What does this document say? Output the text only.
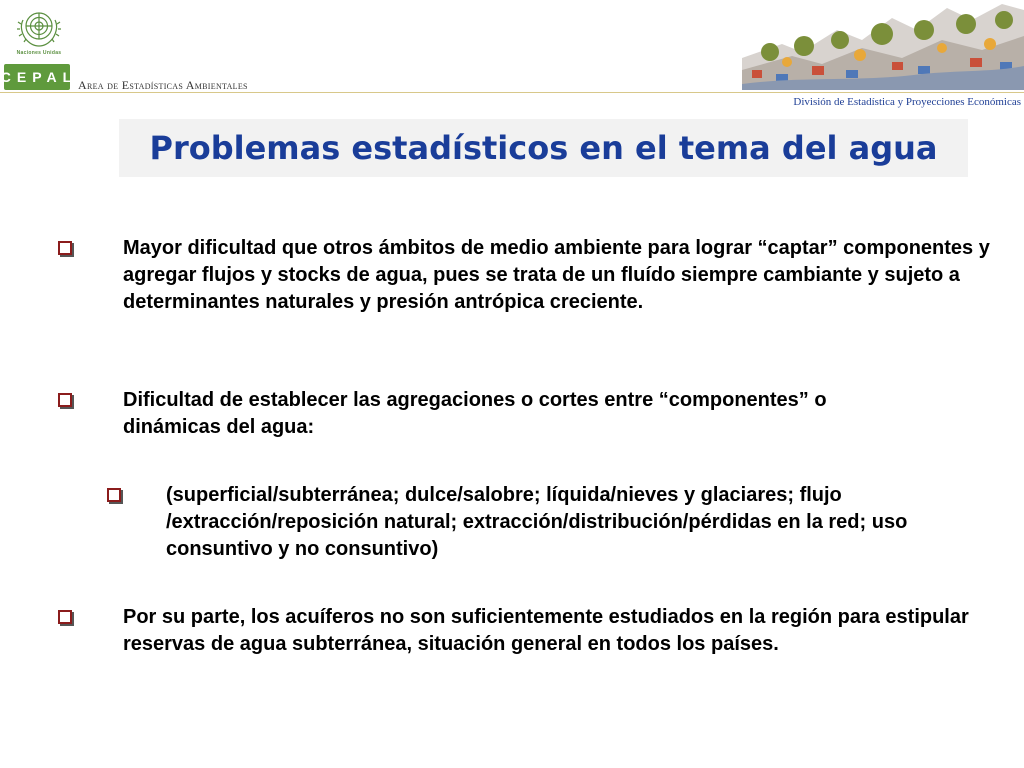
Naciones Unidas
CEPAL Area de Estadísticas Ambientales
División de Estadística y Proyecciones Económicas
Problemas estadísticos en el tema del agua
Mayor dificultad que otros ámbitos de medio ambiente para lograr “captar” componentes y agregar flujos y stocks de agua, pues se trata de un fluído siempre cambiante y sujeto a determinantes naturales y presión antrópica creciente.
Dificultad de establecer las agregaciones o cortes entre “componentes” o dinámicas del agua:
(superficial/subterránea; dulce/salobre; líquida/nieves y glaciares; flujo /extracción/reposición natural; extracción/distribución/pérdidas en la red; uso consuntivo y no consuntivo)
Por su parte, los acuíferos no son suficientemente estudiados en la región para estipular reservas de agua subterránea, situación general en todos los países.
